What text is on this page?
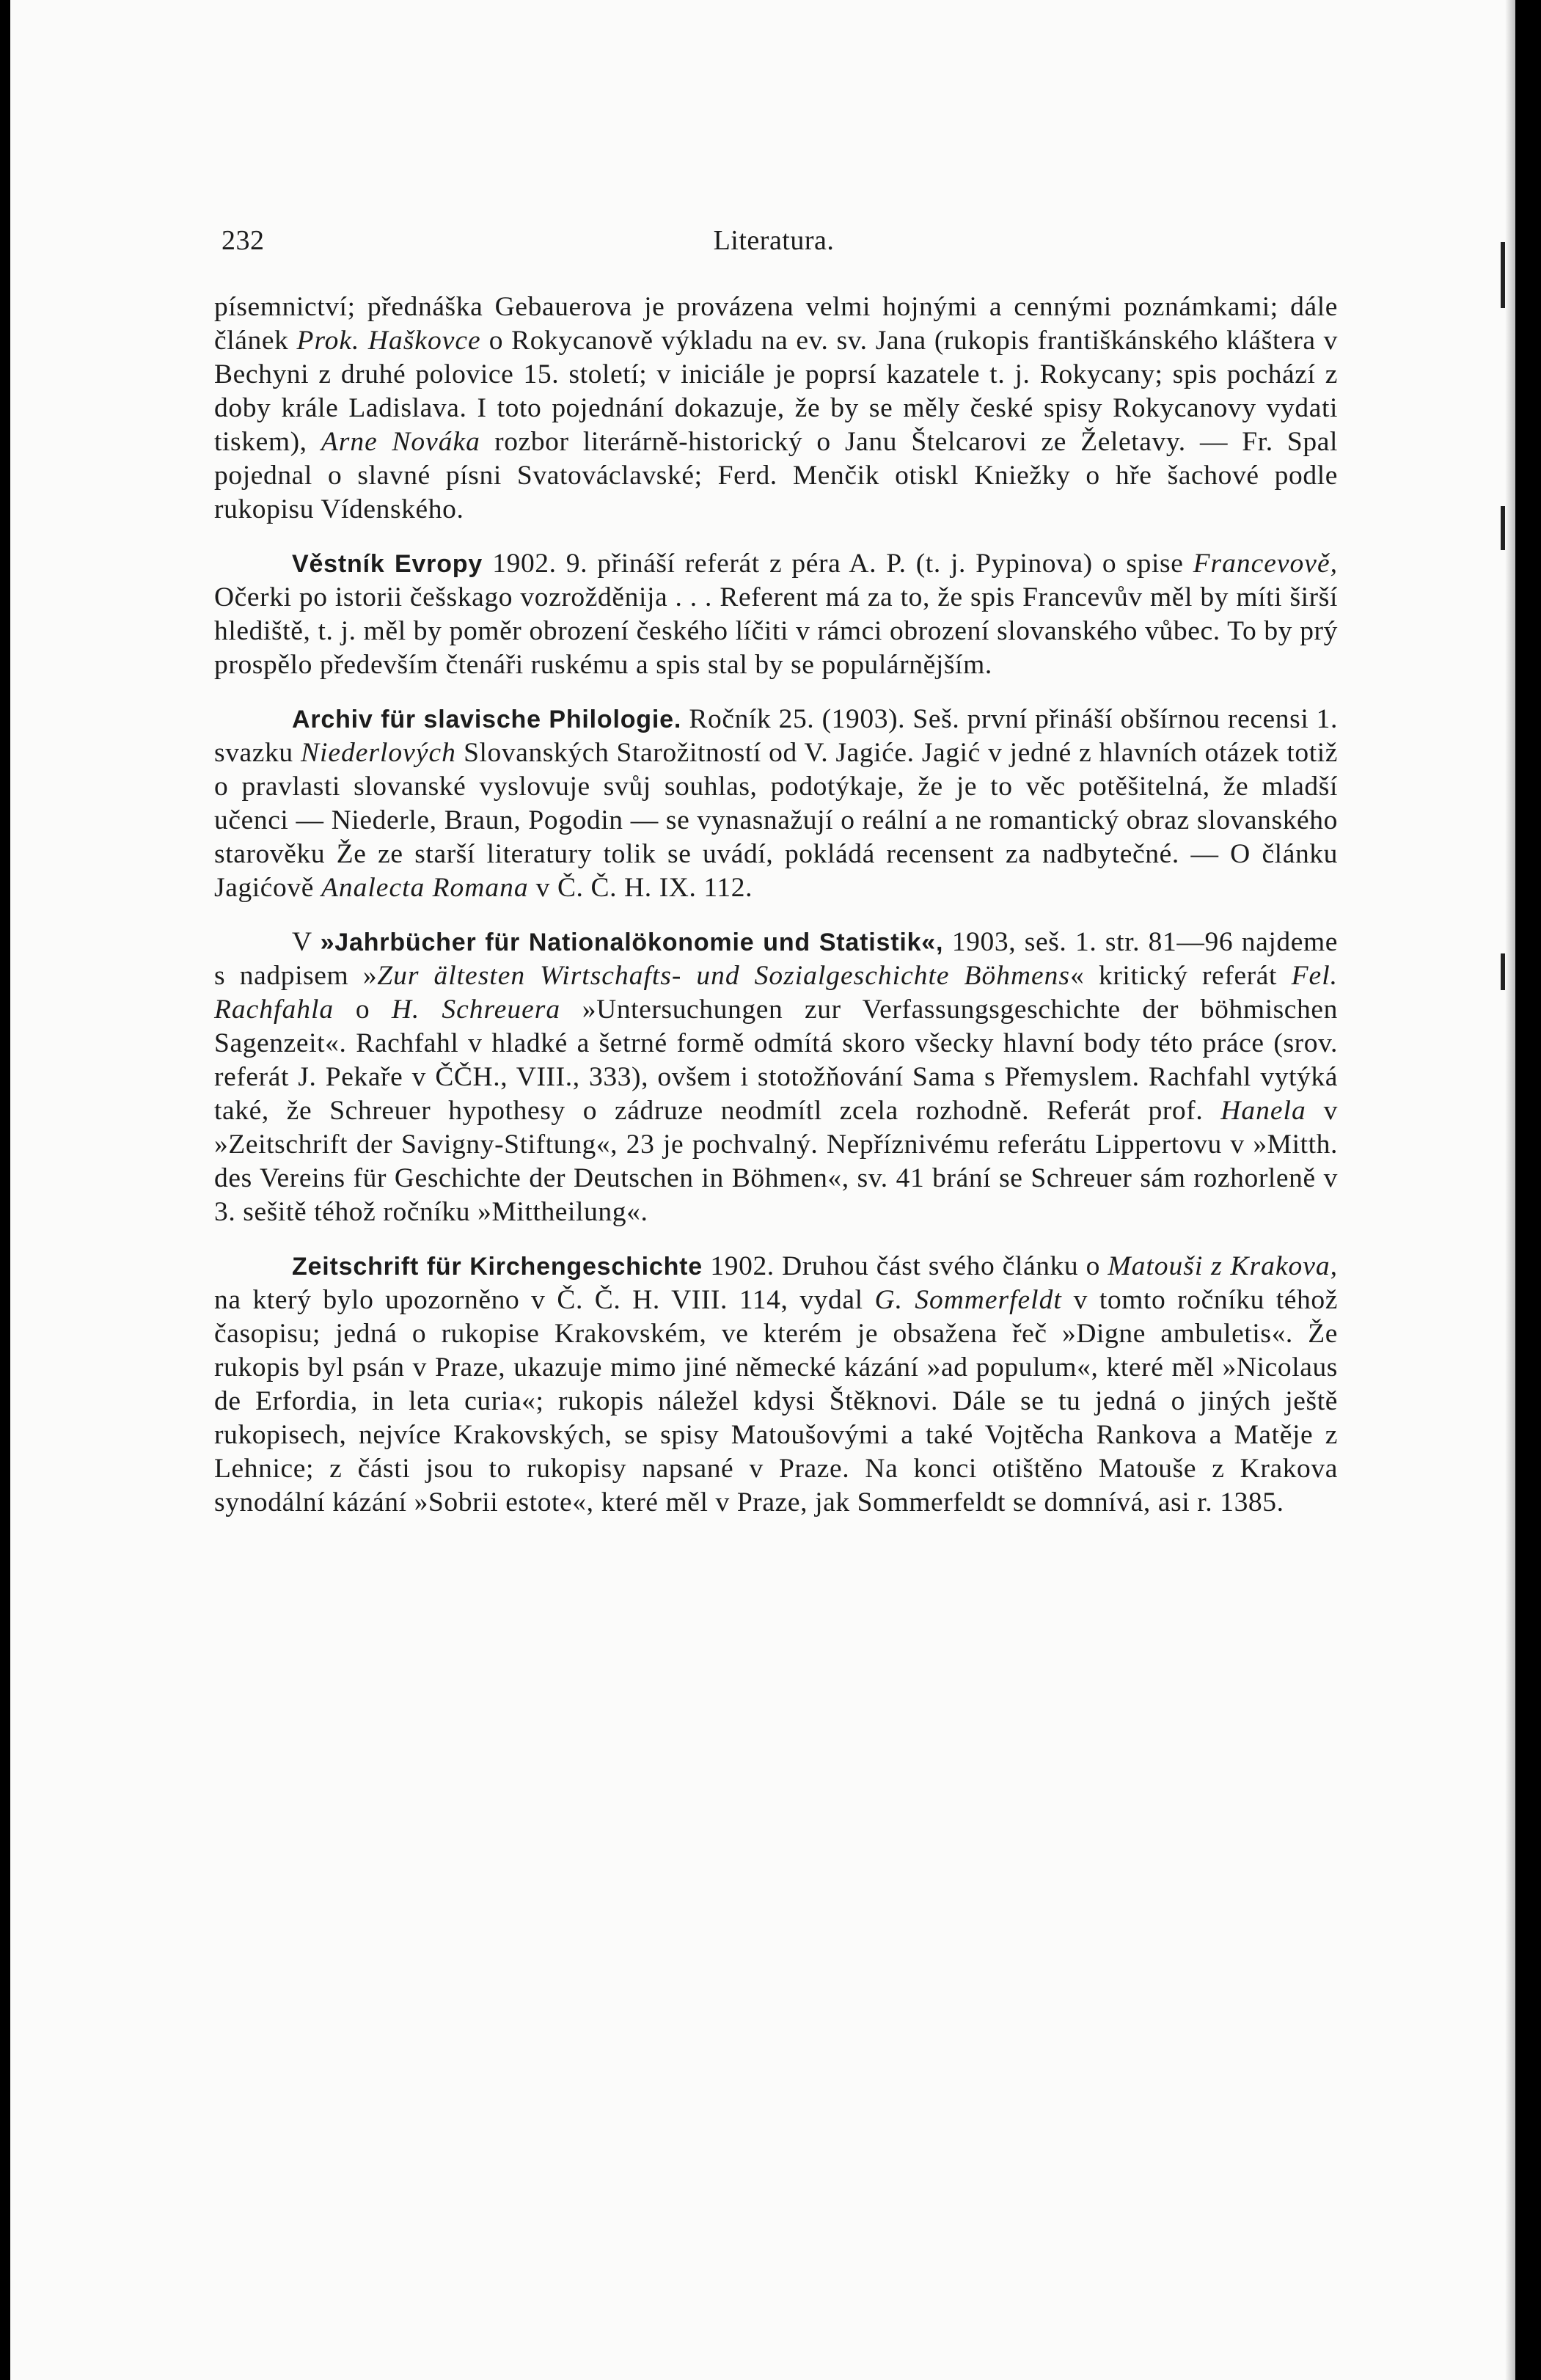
232	Literatura.

písemnictví; přednáška Gebauerova je provázena velmi hojnými a cennými poznámkami; dále článek Prok. Haškovce o Rokycanově výkladu na ev. sv. Jana (rukopis františkánského kláštera v Bechyni z druhé polovice 15. století; v iniciále je poprsí kazatele t. j. Rokycany; spis pochází z doby krále Ladislava. I toto pojednání dokazuje, že by se měly české spisy Rokycanovy vydati tiskem), Arne Nováka rozbor literárně-historický o Janu Štelcarovi ze Želetavy. — Fr. Spal pojednal o slavné písni Svatováclavské; Ferd. Menčik otiskl Kniežky o hře šachové podle rukopisu Vídenského.

Věstník Evropy 1902. 9. přináší referát z péra A. P. (t. j. Pypinova) o spise Francevově, Očerki po istorii češskago vozrožděnija . . . Referent má za to, že spis Francevův měl by míti širší hlediště, t. j. měl by poměr obrození českého líčiti v rámci obrození slovanského vůbec. To by prý prospělo především čtenáři ruskému a spis stal by se populárnějším.

Archiv für slavische Philologie. Ročník 25. (1903). Seš. první přináší obšírnou recensi 1. svazku Niederlových Slovanských Starožitností od V. Jagiće. Jagić v jedné z hlavních otázek totiž o pravlasti slovanské vyslovuje svůj souhlas, podotýkaje, že je to věc potěšitelná, že mladší učenci — Niederle, Braun, Pogodin — se vynasnažují o reální a ne romantický obraz slovanského starověku Že ze starší literatury tolik se uvádí, pokládá recensent za nadbytečné. — O článku Jagićově Analecta Romana v Č. Č. H. IX. 112.

V »Jahrbücher für Nationalökonomie und Statistik«, 1903, seš. 1. str. 81—96 najdeme s nadpisem »Zur ältesten Wirtschafts- und Sozialgeschichte Böhmens« kritický referát Fel. Rachfahla o H. Schreuera »Untersuchungen zur Verfassungsgeschichte der böhmischen Sagenzeit«. Rachfahl v hladké a šetrné formě odmítá skoro všecky hlavní body této práce (srov. referát J. Pekaře v ČČH., VIII., 333), ovšem i stotožňování Sama s Přemyslem. Rachfahl vytýká také, že Schreuer hypothesy o zádruze neodmítl zcela rozhodně. Referát prof. Hanela v »Zeitschrift der Savigny-Stiftung«, 23 je pochvalný. Nepříznivému referátu Lippertovu v »Mitth. des Vereins für Geschichte der Deutschen in Böhmen«, sv. 41 brání se Schreuer sám rozhorleně v 3. sešitě téhož ročníku »Mittheilung«.

Zeitschrift für Kirchengeschichte 1902. Druhou část svého článku o Matouši z Krakova, na který bylo upozorněno v Č. Č. H. VIII. 114, vydal G. Sommerfeldt v tomto ročníku téhož časopisu; jedná o rukopise Krakovském, ve kterém je obsažena řeč »Digne ambuletis«. Že rukopis byl psán v Praze, ukazuje mimo jiné německé kázání »ad populum«, které měl »Nicolaus de Erfordia, in leta curia«; rukopis náležel kdysi Štěknovi. Dále se tu jedná o jiných ještě rukopisech, nejvíce Krakovských, se spisy Matoušovými a také Vojtěcha Rankova a Matěje z Lehnice; z části jsou to rukopisy napsané v Praze. Na konci otištěno Matouše z Krakova synodální kázání »Sobrii estote«, které měl v Praze, jak Sommerfeldt se domnívá, asi r. 1385.
